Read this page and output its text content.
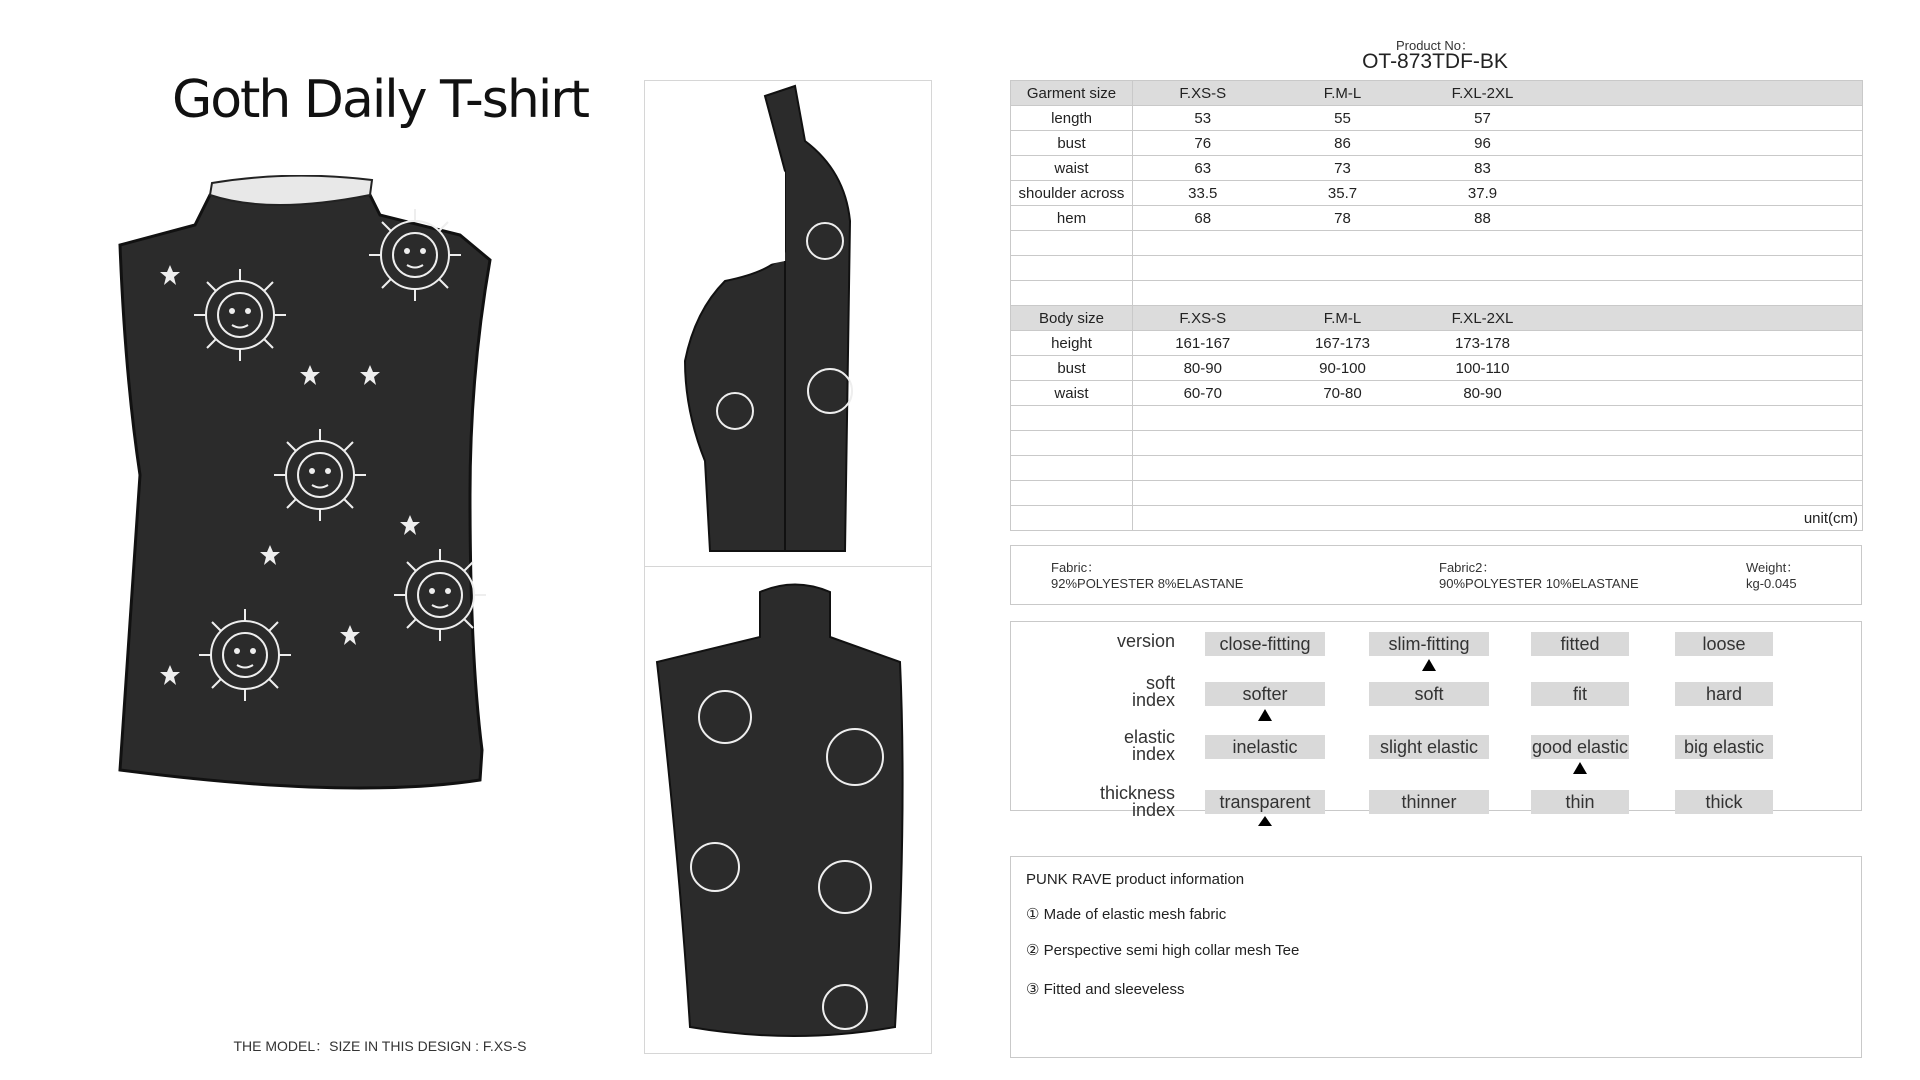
Goth Daily T-shirt
THE MODEL：SIZE IN THIS DESIGN : F.XS-S
Product No：
OT-873TDF-BK
Garment size	F.XS-S	F.M-L	F.XL-2XL	
length	53	55	57	
bust	76	86	96	
waist	63	73	83	
shoulder across	33.5	35.7	37.9	
hem	68	78	88	

Body size	F.XS-S	F.M-L	F.XL-2XL	
height	161-167	167-173	173-178	
bust	80-90	90-100	100-110	
waist	60-70	70-80	80-90	

				unit(cm)
Fabric：
92%POLYESTER 8%ELASTANE
Fabric2：
90%POLYESTER 10%ELASTANE
Weight：
kg-0.045
version	close-fitting	slim-fitting	fitted	loose
soft
index	softer	soft	fit	hard
elastic
index	inelastic	slight elastic	good elastic	big elastic
thickness
index	transparent	thinner	thin	thick
PUNK RAVE product information
① Made of elastic mesh fabric
② Perspective semi high collar mesh Tee
③ Fitted and sleeveless
